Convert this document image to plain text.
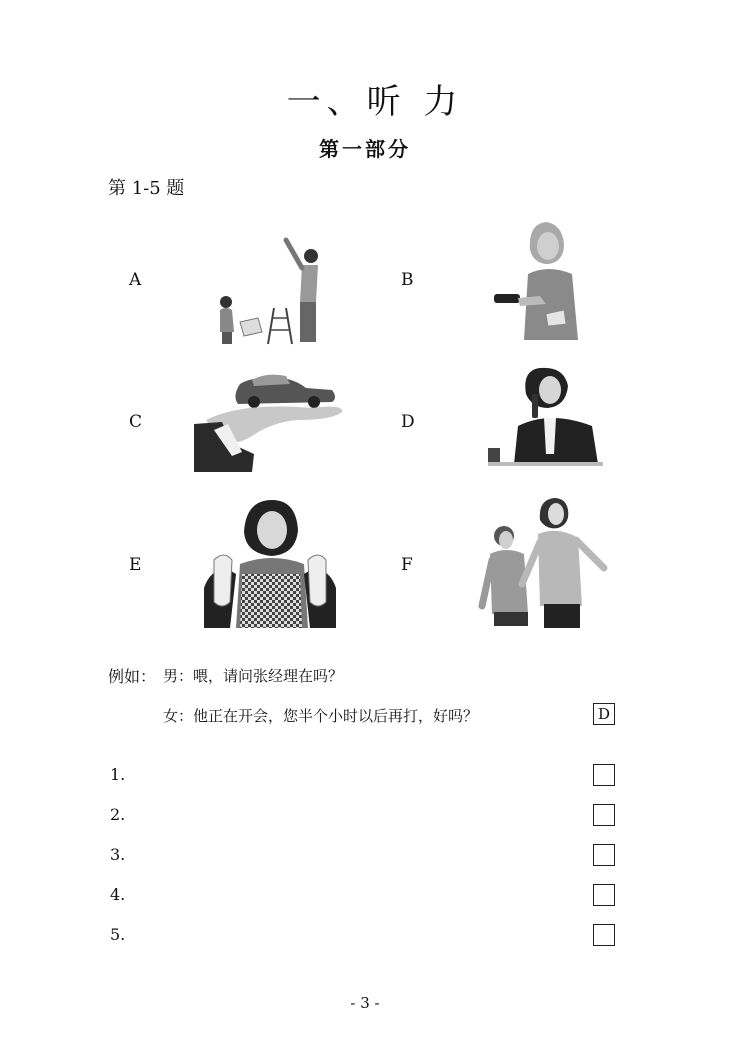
一、听 力
第一部分
第 1-5 题
A	B
C	D
E	F
例如： 男：喂，请问张经理在吗？
女：他正在开会，您半个小时以后再打，好吗？	D
1.
2.
3.
4.
5.
- 3 -
